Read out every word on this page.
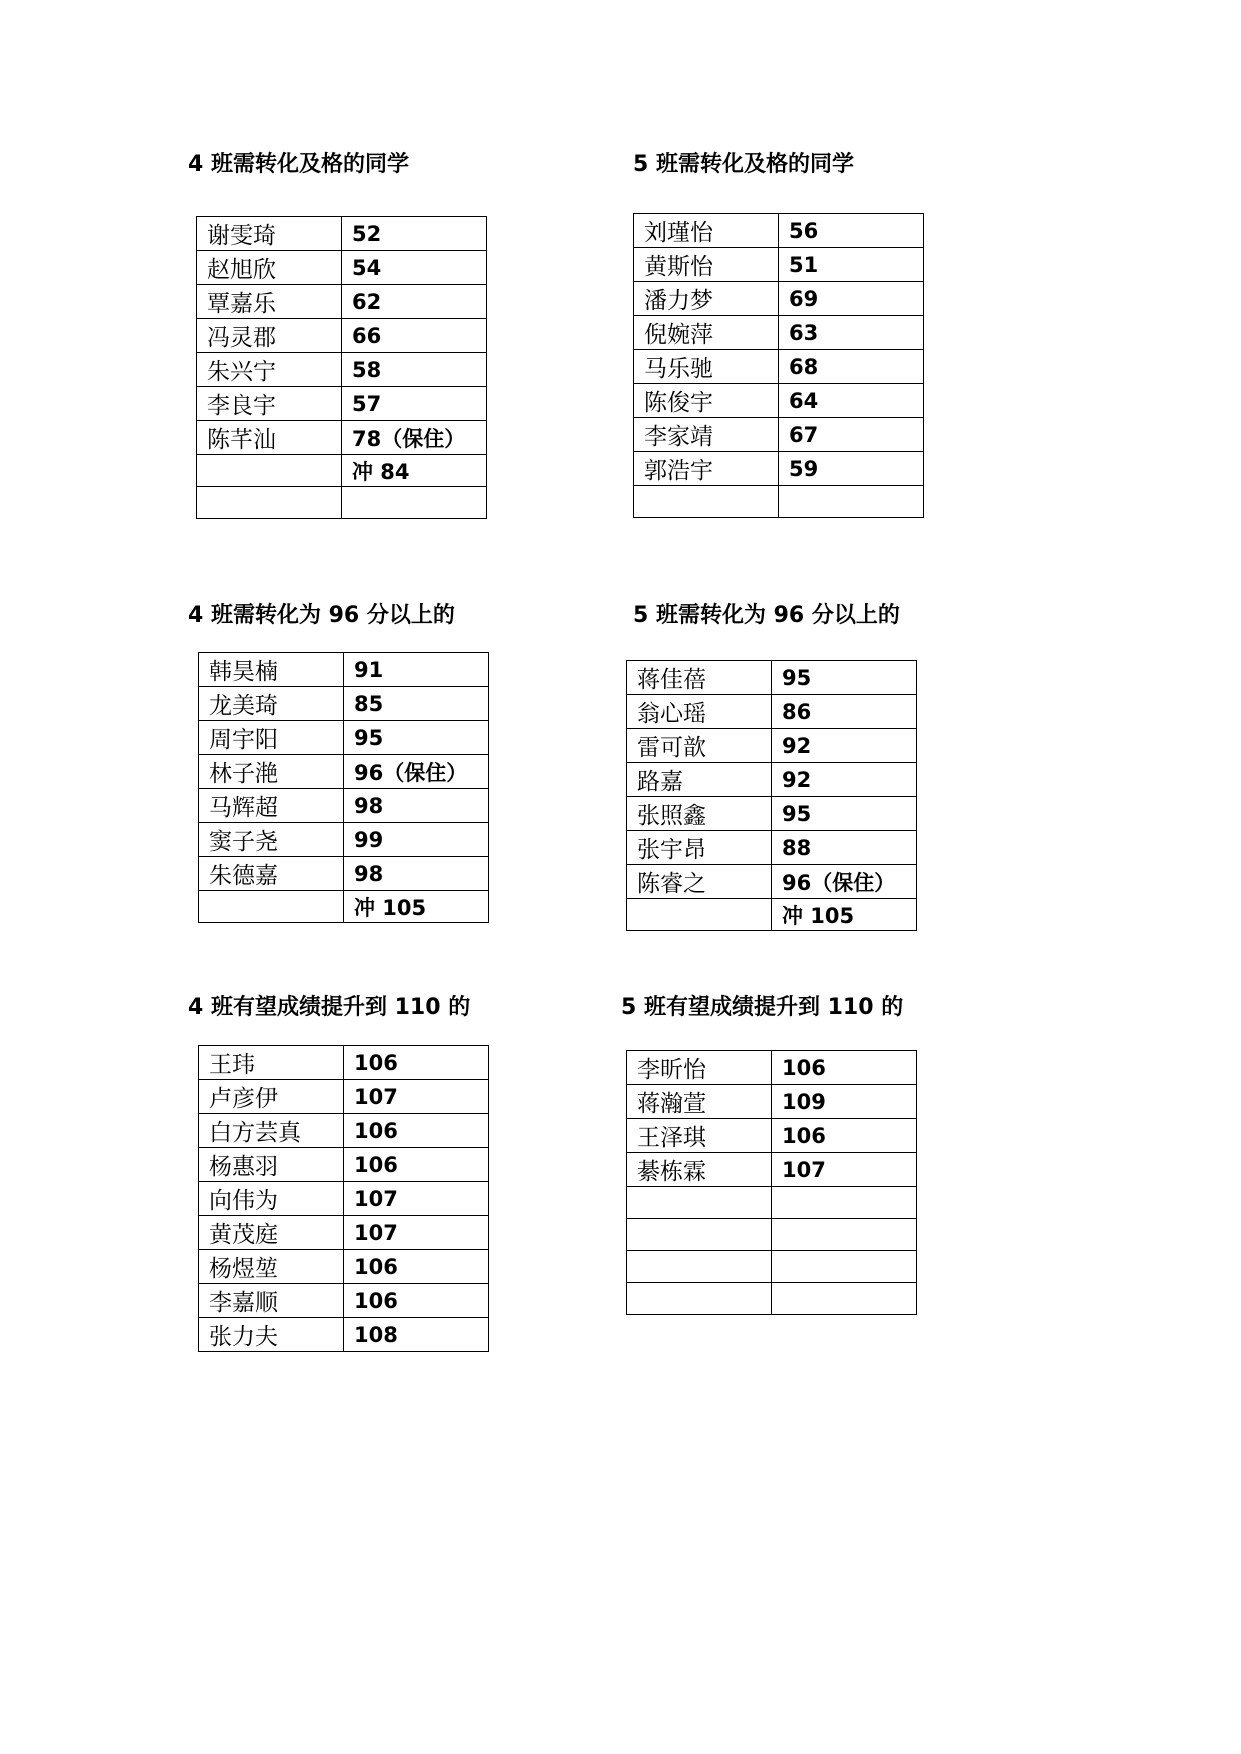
4 班需转化及格的同学
谢雯琦	52
赵旭欣	54
覃嘉乐	62
冯灵郡	66
朱兴宁	58
李良宇	57
陈芊汕	78（保住）
	冲 84

5 班需转化及格的同学
刘瑾怡	56
黄斯怡	51
潘力梦	69
倪婉萍	63
马乐驰	68
陈俊宇	64
李家靖	67
郭浩宇	59

4 班需转化为 96 分以上的
韩昊楠	91
龙美琦	85
周宇阳	95
林子滟	96（保住）
马辉超	98
窦子尧	99
朱德嘉	98
	冲 105
5 班需转化为 96 分以上的
蒋佳蓓	95
翁心瑶	86
雷可歆	92
路嘉	92
张照鑫	95
张宇昂	88
陈睿之	96（保住）
	冲 105
4 班有望成绩提升到 110 的
王玮	106
卢彦伊	107
白方芸真	106
杨惠羽	106
向伟为	107
黄茂庭	107
杨煜堃	106
李嘉顺	106
张力夫	108
5 班有望成绩提升到 110 的
李昕怡	106
蒋瀚萱	109
王泽琪	106
綦栋霖	107
